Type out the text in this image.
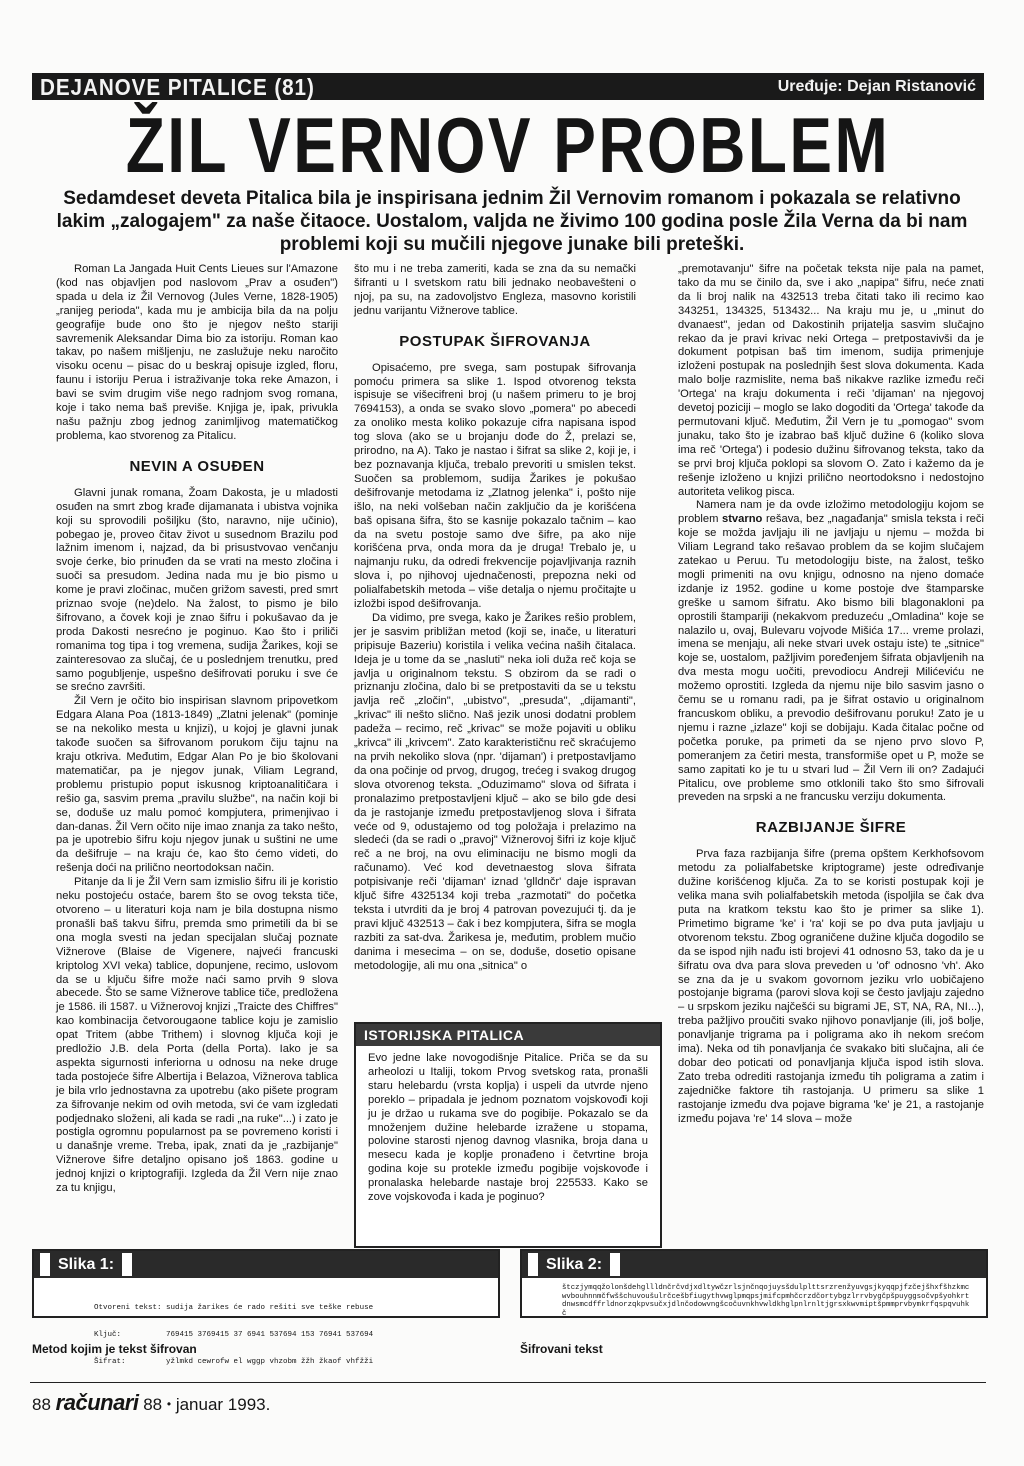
DEJANOVE PITALICE (81)	Uređuje: Dejan Ristanović
ŽIL VERNOV PROBLEM
Sedamdeset deveta Pitalica bila je inspirisana jednim Žil Vernovim romanom i pokazala se relativno lakim „zalogajem" za naše čitaoce. Uostalom, valjda ne živimo 100 godina posle Žila Verna da bi nam problemi koji su mučili njegove junake bili preteški.

Roman La Jangada Huit Cents Lieues sur l'Amazone (kod nas objavljen pod naslovom „Prav a osuđen") spada u dela iz Žil Vernovog (Jules Verne, 1828-1905) „ranijeg perioda", kada mu je ambicija bila da na polju geografije bude ono što je njegov nešto stariji savremenik Aleksandar Dima bio za istoriju. Roman kao takav, po našem mišljenju, ne zaslužuje neku naročito visoku ocenu – pisac do u beskraj opisuje izgled, floru, faunu i istoriju Perua i istraživanje toka reke Amazon, i bavi se svim drugim više nego radnjom svog romana, koje i tako nema baš previše. Knjiga je, ipak, privukla našu pažnju zbog jednog zanimljivog matematičkog problema, kao stvorenog za Pitalicu.

NEVIN A OSUĐEN

Glavni junak romana, Žoam Dakosta, je u mladosti osuđen na smrt zbog krađe dijamanata i ubistva vojnika koji su sprovodili pošiljku (što, naravno, nije učinio), pobegao je, proveo čitav život u susednom Brazilu pod lažnim imenom i, najzad, da bi prisustvovao venčanju svoje ćerke, bio prinuđen da se vrati na mesto zločina i suoči sa presudom. Jedina nada mu je bio pismo u kome je pravi zločinac, mučen grižom savesti, pred smrt priznao svoje (ne)delo. Na žalost, to pismo je bilo šifrovano, a čovek koji je znao šifru i pokušavao da je proda Dakosti nesrećno je poginuo. Kao što i priliči romanima tog tipa i tog vremena, sudija Žarikes, koji se zainteresovao za slučaj, će u poslednjem trenutku, pred samo pogubljenje, uspešno dešifrovati poruku i sve će se srećno završiti.

Žil Vern je očito bio inspirisan slavnom pripovetkom Edgara Alana Poa (1813-1849) „Zlatni jelenak" (pominje se na nekoliko mesta u knjizi), u kojoj je glavni junak takođe suočen sa šifrovanom porukom čiju tajnu na kraju otkriva. Međutim, Edgar Alan Po je bio školovani matematičar, pa je njegov junak, Viliam Legrand, problemu pristupio poput iskusnog kriptoanalitičara i rešio ga, sasvim prema „pravilu službe", na način koji bi se, doduše uz malu pomoć kompjutera, primenjivao i dan-danas. Žil Vern očito nije imao znanja za tako nešto, pa je upotrebio šifru koju njegov junak u suštini ne ume da dešifruje – na kraju će, kao što ćemo videti, do rešenja doći na prilično neortodoksan način.

Pitanje da li je Žil Vern sam izmislio šifru ili je koristio neku postojeću ostaće, barem što se ovog teksta tiče, otvoreno – u literaturi koja nam je bila dostupna nismo pronašli baš takvu šifru, premda smo primetili da bi se ona mogla svesti na jedan specijalan slučaj poznate Vižnerove (Blaise de Vigenere, najveći francuski kriptolog XVI veka) tablice, dopunjene, recimo, uslovom da se u ključu šifre može naći samo prvih 9 slova abecede. Što se same Vižnerove tablice tiče, predložena je 1586. ili 1587. u Vižnerovoj knjizi „Traicte des Chiffres" kao kombinacija četvorougaone tablice koju je zamislio opat Tritem (abbe Trithem) i slovnog ključa koji je predložio J.B. dela Porta (della Porta). Iako je sa aspekta sigurnosti inferiorna u odnosu na neke druge tada postojeće šifre Albertija i Belazoa, Vižnerova tablica je bila vrlo jednostavna za upotrebu (ako pišete program za šifrovanje nekim od ovih metoda, svi će vam izgledati podjednako složeni, ali kada se radi „na ruke"...) i zato je postigla ogromnu popularnost pa se povremeno koristi i u današnje vreme. Treba, ipak, znati da je „razbijanje" Vižnerove šifre detaljno opisano još 1863. godine u jednoj knjizi o kriptografiji. Izgleda da Žil Vern nije znao za tu knjigu,

što mu i ne treba zameriti, kada se zna da su nemački šifranti u I svetskom ratu bili jednako neobavešteni o njoj, pa su, na zadovoljstvo Engleza, masovno koristili jednu varijantu Vižnerove tablice.

POSTUPAK ŠIFROVANJA

Opisaćemo, pre svega, sam postupak šifrovanja pomoću primera sa slike 1. Ispod otvorenog teksta ispisuje se višecifreni broj (u našem primeru to je broj 7694153), a onda se svako slovo „pomera" po abecedi za onoliko mesta koliko pokazuje cifra napisana ispod tog slova (ako se u brojanju dođe do Ž, prelazi se, prirodno, na A). Tako je nastao i šifrat sa slike 2, koji je, i bez poznavanja ključa, trebalo prevoriti u smislen tekst. Suočen sa problemom, sudija Žarikes je pokušao dešifrovanje metodama iz „Zlatnog jelenka" i, pošto nije išlo, na neki volšeban način zaključio da je korišćena baš opisana šifra, što se kasnije pokazalo tačnim – kao da na svetu postoje samo dve šifre, pa ako nije korišćena prva, onda mora da je druga! Trebalo je, u najmanju ruku, da odredi frekvencije pojavljivanja raznih slova i, po njihovoj ujednačenosti, prepozna neki od polialfabetskih metoda – više detalja o njemu pročitajte u izložbi ispod dešifrovanja.

Da vidimo, pre svega, kako je Žarikes rešio problem, jer je sasvim približan metod (koji se, inače, u literaturi pripisuje Bazeriu) koristila i velika većina naših čitalaca. Ideja je u tome da se „nasluti" neka ioli duža reč koja se javlja u originalnom tekstu. S obzirom da se radi o priznanju zločina, dalo bi se pretpostaviti da se u tekstu javlja reč „zločin", „ubistvo", „presuda", „dijamanti", „krivac" ili nešto slično. Naš jezik unosi dodatni problem padeža – recimo, reč „krivac" se može pojaviti u obliku „krivca" ili „krivcem". Zato karakterističnu reč skraćujemo na prvih nekoliko slova (npr. 'dijaman') i pretpostavljamo da ona počinje od prvog, drugog, trećeg i svakog drugog slova otvorenog teksta. „Oduzimamo" slova od šifrata i pronalazimo pretpostavljeni ključ – ako se bilo gde desi da je rastojanje između pretpostavljenog slova i šifrata veće od 9, odustajemo od tog položaja i prelazimo na sledeći (da se radi o „pravoj" Vižnerovoj šifri iz koje ključ reč a ne broj, na ovu eliminaciju ne bismo mogli da računamo). Već kod devetnaestog slova šifrata potpisivanje reči 'dijaman' iznad 'glldnčr' daje ispravan ključ šifre 4325134 koji treba „razmotati" do početka teksta i utvrditi da je broj 4 patrovan povezujući tj. da je pravi ključ 432513 – čak i bez kompjutera, šifra se mogla razbiti za sat-dva. Žarikesa je, međutim, problem mučio danima i mesecima – on se, doduše, dosetio opisane metodologije, ali mu ona „sitnica" o

„premotavanju" šifre na početak teksta nije pala na pamet, tako da mu se činilo da, sve i ako „napipa" šifru, neće znati da li broj nalik na 432513 treba čitati tako ili recimo kao 343251, 134325, 513432... Na kraju mu je, u „minut do dvanaest", jedan od Dakostinih prijatelja sasvim slučajno rekao da je pravi krivac neki Ortega – pretpostavivši da je dokument potpisan baš tim imenom, sudija primenjuje izloženi postupak na poslednjih šest slova dokumenta. Kada malo bolje razmislite, nema baš nikakve razlike između reči 'Ortega' na kraju dokumenta i reči 'dijaman' na njegovoj devetoj poziciji – moglo se lako dogoditi da 'Ortega' takođe da permutovani ključ. Međutim, Žil Vern je tu „pomogao" svom junaku, tako što je izabrao baš ključ dužine 6 (koliko slova ima reč 'Ortega') i podesio dužinu šifrovanog teksta, tako da se prvi broj ključa poklopi sa slovom O. Zato i kažemo da je rešenje izloženo u knjizi prilično neortodoksno i nedostojno autoriteta velikog pisca.

Namera nam je da ovde izložimo metodologiju kojom se problem stvarno rešava, bez „nagađanja" smisla teksta i reči koje se možda javljaju ili ne javljaju u njemu – možda bi Viliam Legrand tako rešavao problem da se kojim slučajem zatekao u Peruu. Tu metodologiju biste, na žalost, teško mogli primeniti na ovu knjigu, odnosno na njeno domaće izdanje iz 1952. godine u kome postoje dve štamparske greške u samom šifratu. Ako bismo bili blagonakloni pa oprostili štampariji (nekakvom preduzeću „Omladina" koje se nalazilo u, ovaj, Bulevaru vojvode Mišića 17... vreme prolazi, imena se menjaju, ali neke stvari uvek ostaju iste) te „sitnice" koje se, uostalom, pažljivim poređenjem šifrata objavljenih na dva mesta mogu uočiti, prevodiocu Andreji Milićeviću ne možemo oprostiti. Izgleda da njemu nije bilo sasvim jasno o čemu se u romanu radi, pa je šifrat ostavio u originalnom francuskom obliku, a prevodio dešifrovanu poruku! Zato je u njemu i razne „izlaze" koji se dobijaju. Kada čitalac počne od početka poruke, pa primeti da se njeno prvo slovo P, pomeranjem za četiri mesta, transformiše opet u P, može se samo zapitati ko je tu u stvari lud – Žil Vern ili on? Zadajući Pitalicu, ove probleme smo otklonili tako što smo šifrovali preveden na srpski a ne francusku verziju dokumenta.

RAZBIJANJE ŠIFRE

Prva faza razbijanja šifre (prema opštem Kerkhofsovom metodu za polialfabetske kriptograme) jeste određivanje dužine korišćenog ključa. Za to se koristi postupak koji je velika mana svih polialfabetskih metoda (ispoljila se čak dva puta na kratkom tekstu kao što je primer sa slike 1). Primetimo bigrame 'ke' i 'ra' koji se po dva puta javljaju u otvorenom tekstu. Zbog ograničene dužine ključa dogodilo se da se ispod njih nađu isti brojevi 41 odnosno 53, tako da je u šifratu ova dva para slova preveden u 'of' odnosno 'vh'. Ako se zna da je u svakom govornom jeziku vrlo uobičajeno postojanje bigrama (parovi slova koji se često javljaju zajedno – u srpskom jeziku najčešći su bigrami JE, ST, NA, RA, NI...), treba pažljivo proučiti svako njihovo ponavljanje (ili, još bolje, ponavljanje trigrama pa i poligrama ako ih nekom srećom ima). Neka od tih ponavljanja će svakako biti slučajna, ali će dobar deo poticati od ponavljanja ključa ispod istih slova. Zato treba odrediti rastojanja između tih poligrama a zatim i zajedničke faktore tih rastojanja. U primeru sa slike 1 rastojanje između dva pojave bigrama 'ke' je 21, a rastojanje između pojava 're' 14 slova – može

ISTORIJSKA PITALICA
Evo jedne lake novogodišnje Pitalice. Priča se da su arheolozi u Italiji, tokom Prvog svetskog rata, pronašli staru helebardu (vrsta koplja) i uspeli da utvrde njeno poreklo – pripadala je jednom poznatom vojskovođi koji ju je držao u rukama sve do pogibije. Pokazalo se da množenjem dužine helebarde izražene u stopama, polovine starosti njenog davnog vlasnika, broja dana u mesecu kada je koplje pronađeno i četvrtine broja godina koje su protekle između pogibije vojskovođe i pronalaska helebarde nastaje broj 225533. Kako se zove vojskovođa i kada je poginuo?
Slika 1:

Otvoreni tekst: sudija žarikes će rado rešiti sve teške rebuse

Ključ:	769415 3769415 37 6941 537694 153 76941 537694

Šifrat:	yžlmkd cewrofw el wggp vhzobm žžh žkaof vhfžži

Slika 2:
štczjymqqžolonšdehgllldnčrčvdjxdltywčzrlsjnčnqojuysšdulplttsrzrenžyuvgsjkyqqpjfzčejšhxfšhzkmcwvbouhnnmčfwššchuvoušulrčcešbfiugythvwglpmqpsjmifcpmhčcrzdčortybgzlrrvbygčpšpuyggsočvpšyohkrtdnwsmcdffrldnorzqkpvsučxjdlnčodowvngšcočuvnkhvwldkhglpnlrnltjgrsxkwvmiptšpmmprvbymkrfqspqvuhkč
Metod kojim je tekst šifrovan	Šifrovani tekst
88 računari 88 • januar 1993.
